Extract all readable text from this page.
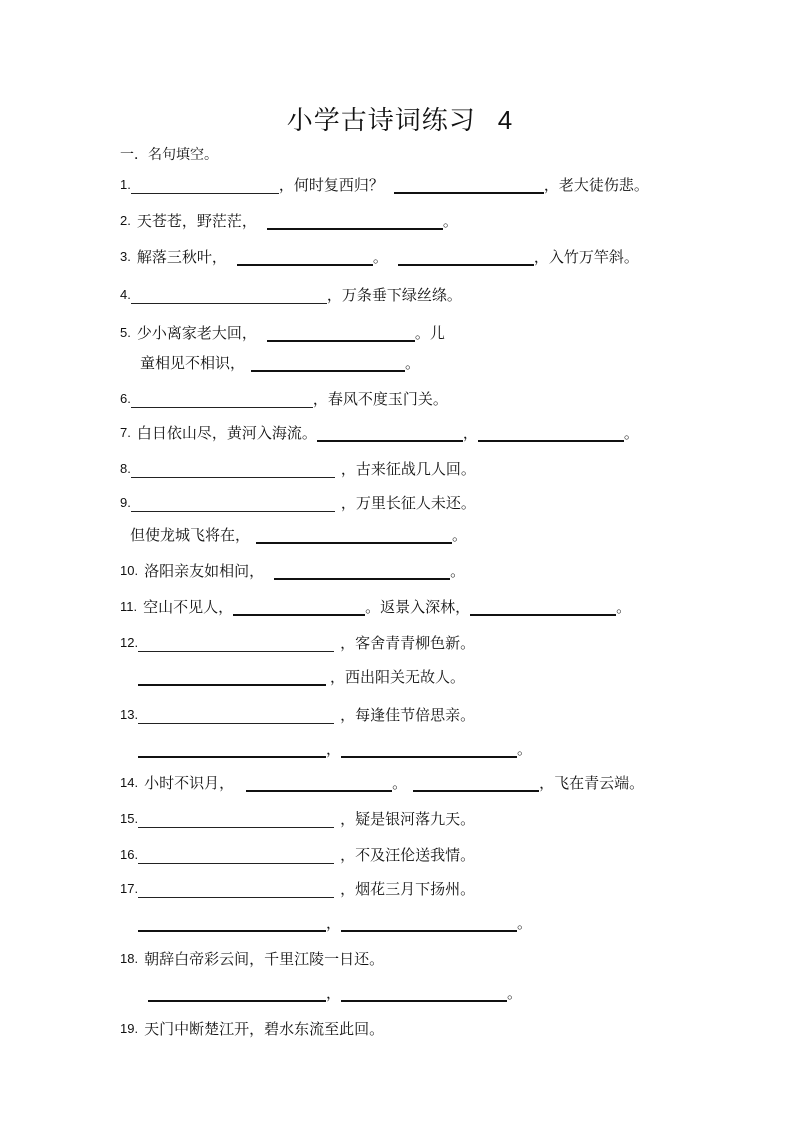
小学古诗词练习 4
一．名句填空。
1.	，何时复西归？	，老大徒伤悲。
2. 天苍苍，野茫茫，	。
3. 解落三秋叶，	。	，入竹万竿斜。
4.	，万条垂下绿丝绦。
5. 少小离家老大回，	。儿
童相见不相识，	。
6.	，春风不度玉门关。
7. 白日依山尽，黄河入海流。	，	。
8.	，古来征战几人回。
9.	，万里长征人未还。
但使龙城飞将在，	。
10. 洛阳亲友如相问，	。
11. 空山不见人，	。返景入深林，	。
12.	，客舍青青柳色新。
，西出阳关无故人。
13.	，每逢佳节倍思亲。
，	。
14. 小时不识月，	。	，飞在青云端。
15.	，疑是银河落九天。
16.	，不及汪伦送我情。
17.	，烟花三月下扬州。
，	。
18. 朝辞白帝彩云间，千里江陵一日还。
，	。
19. 天门中断楚江开，碧水东流至此回。
